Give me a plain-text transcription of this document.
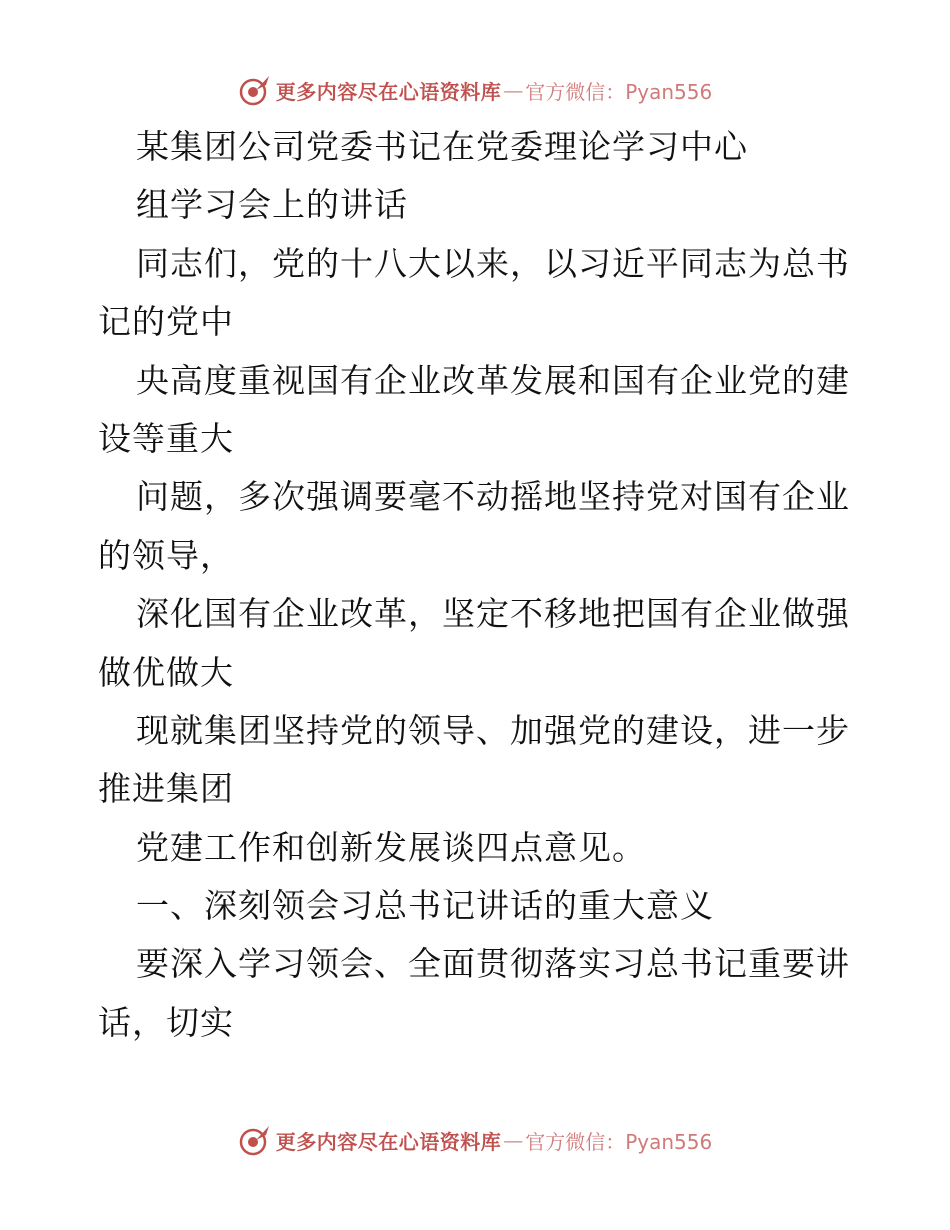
更多内容尽在心语资料库 — 官方微信：Pyan556
某集团公司党委书记在党委理论学习中心
组学习会上的讲话
同志们，党的十八大以来，以习近平同志为总书
记的党中
央高度重视国有企业改革发展和国有企业党的建
设等重大
问题，多次强调要毫不动摇地坚持党对国有企业
的领导，
深化国有企业改革，坚定不移地把国有企业做强
做优做大
现就集团坚持党的领导、加强党的建设，进一步
推进集团
党建工作和创新发展谈四点意见。
一、深刻领会习总书记讲话的重大意义
要深入学习领会、全面贯彻落实习总书记重要讲
话，切实
更多内容尽在心语资料库 — 官方微信：Pyan556
